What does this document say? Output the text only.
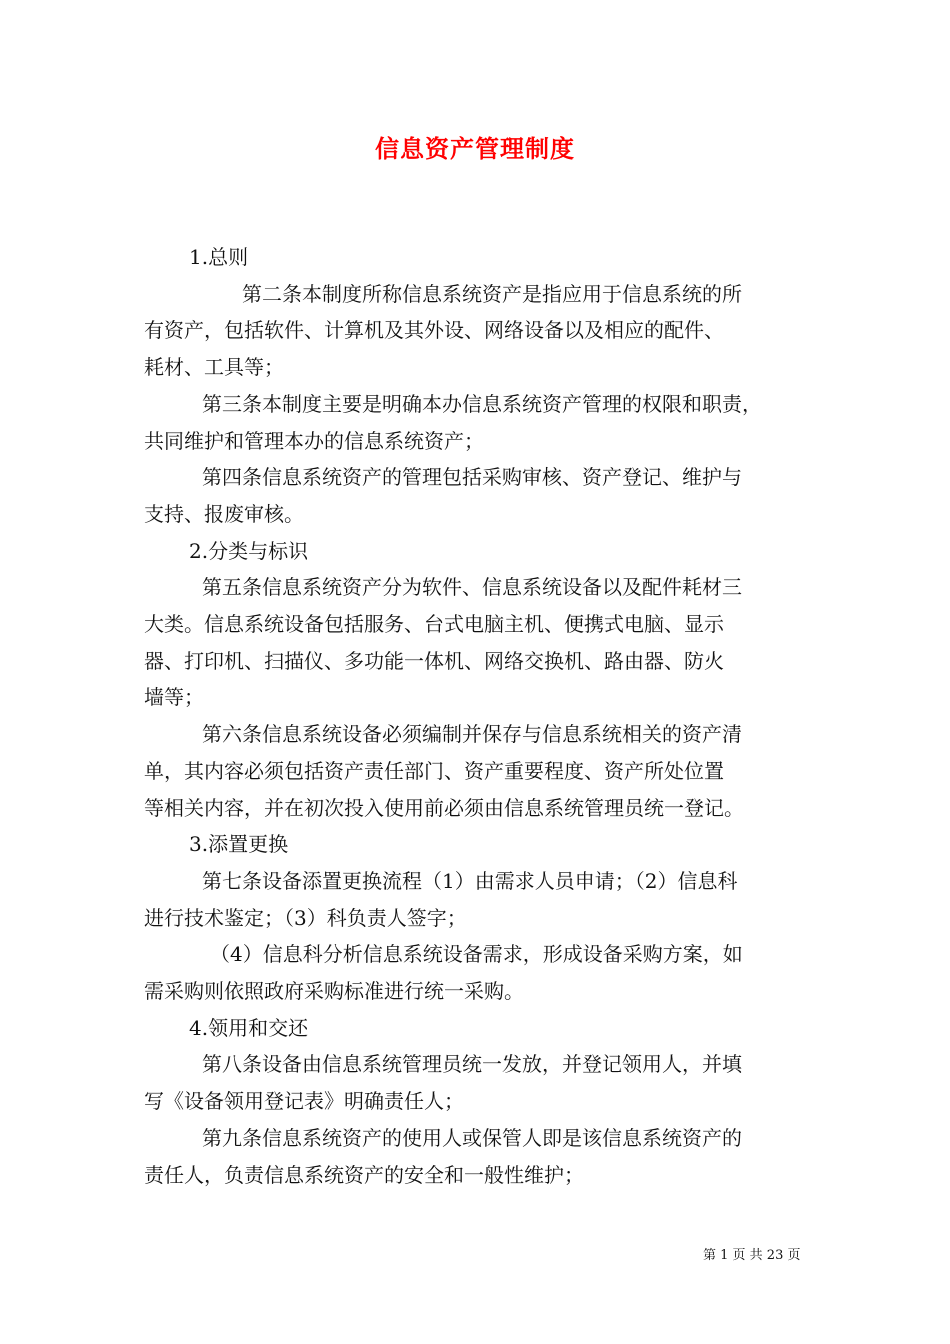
信息资产管理制度
1.总则
第二条本制度所称信息系统资产是指应用于信息系统的所
有资产，包括软件、计算机及其外设、网络设备以及相应的配件、
耗材、工具等；
第三条本制度主要是明确本办信息系统资产管理的权限和职责，
共同维护和管理本办的信息系统资产；
第四条信息系统资产的管理包括采购审核、资产登记、维护与
支持、报废审核。
2.分类与标识
第五条信息系统资产分为软件、信息系统设备以及配件耗材三
大类。信息系统设备包括服务、台式电脑主机、便携式电脑、显示
器、打印机、扫描仪、多功能一体机、网络交换机、路由器、防火
墙等；
第六条信息系统设备必须编制并保存与信息系统相关的资产清
单，其内容必须包括资产责任部门、资产重要程度、资产所处位置
等相关内容，并在初次投入使用前必须由信息系统管理员统一登记。
3.添置更换
第七条设备添置更换流程（1）由需求人员申请；（2）信息科
进行技术鉴定；（3）科负责人签字；
（4）信息科分析信息系统设备需求，形成设备采购方案，如
需采购则依照政府采购标准进行统一采购。
4.领用和交还
第八条设备由信息系统管理员统一发放，并登记领用人，并填
写《设备领用登记表》明确责任人；
第九条信息系统资产的使用人或保管人即是该信息系统资产的
责任人，负责信息系统资产的安全和一般性维护；
第 1 页 共 23 页
